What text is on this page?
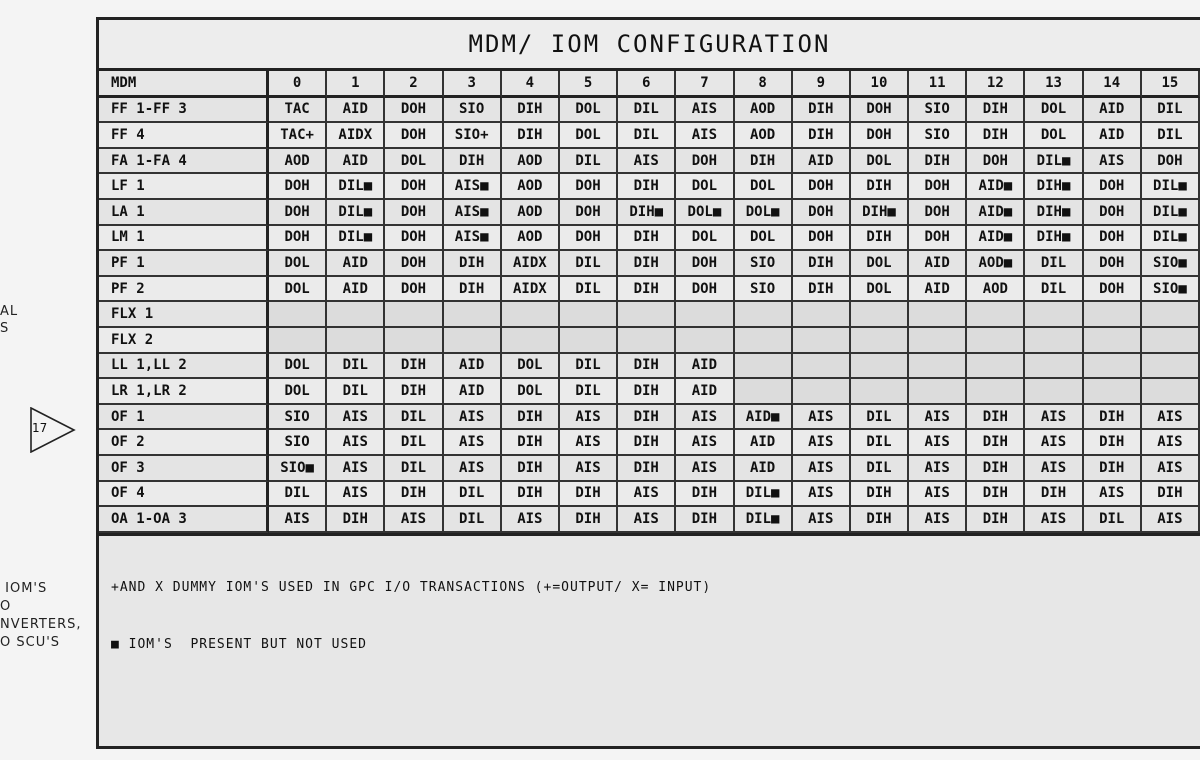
AL
S
17
IOM'S
O
NVERTERS,
O SCU'S
MDM/ IOM CONFIGURATION
MDM	0	1	2	3	4	5	6	7	8	9	10	11	12	13	14	15
FF 1-FF 3	TAC	AID	DOH	SIO	DIH	DOL	DIL	AIS	AOD	DIH	DOH	SIO	DIH	DOL	AID	DIL
FF 4	TAC+	AIDX	DOH	SIO+	DIH	DOL	DIL	AIS	AOD	DIH	DOH	SIO	DIH	DOL	AID	DIL
FA 1-FA 4	AOD	AID	DOL	DIH	AOD	DIL	AIS	DOH	DIH	AID	DOL	DIH	DOH	DIL■	AIS	DOH
LF 1	DOH	DIL■	DOH	AIS■	AOD	DOH	DIH	DOL	DOL	DOH	DIH	DOH	AID■	DIH■	DOH	DIL■
LA 1	DOH	DIL■	DOH	AIS■	AOD	DOH	DIH■	DOL■	DOL■	DOH	DIH■	DOH	AID■	DIH■	DOH	DIL■
LM 1	DOH	DIL■	DOH	AIS■	AOD	DOH	DIH	DOL	DOL	DOH	DIH	DOH	AID■	DIH■	DOH	DIL■
PF 1	DOL	AID	DOH	DIH	AIDX	DIL	DIH	DOH	SIO	DIH	DOL	AID	AOD■	DIL	DOH	SIO■
PF 2	DOL	AID	DOH	DIH	AIDX	DIL	DIH	DOH	SIO	DIH	DOL	AID	AOD	DIL	DOH	SIO■
FLX 1																
FLX 2																
LL 1,LL 2	DOL	DIL	DIH	AID	DOL	DIL	DIH	AID								
LR 1,LR 2	DOL	DIL	DIH	AID	DOL	DIL	DIH	AID								
OF 1	SIO	AIS	DIL	AIS	DIH	AIS	DIH	AIS	AID■	AIS	DIL	AIS	DIH	AIS	DIH	AIS
OF 2	SIO	AIS	DIL	AIS	DIH	AIS	DIH	AIS	AID	AIS	DIL	AIS	DIH	AIS	DIH	AIS
OF 3	SIO■	AIS	DIL	AIS	DIH	AIS	DIH	AIS	AID	AIS	DIL	AIS	DIH	AIS	DIH	AIS
OF 4	DIL	AIS	DIH	DIL	DIH	DIH	AIS	DIH	DIL■	AIS	DIH	AIS	DIH	DIH	AIS	DIH
OA 1-OA 3	AIS	DIH	AIS	DIL	AIS	DIH	AIS	DIH	DIL■	AIS	DIH	AIS	DIH	AIS	DIL	AIS

+AND X DUMMY IOM'S USED IN GPC I/O TRANSACTIONS (+=OUTPUT/ X= INPUT)

■ IOM'S  PRESENT BUT NOT USED
